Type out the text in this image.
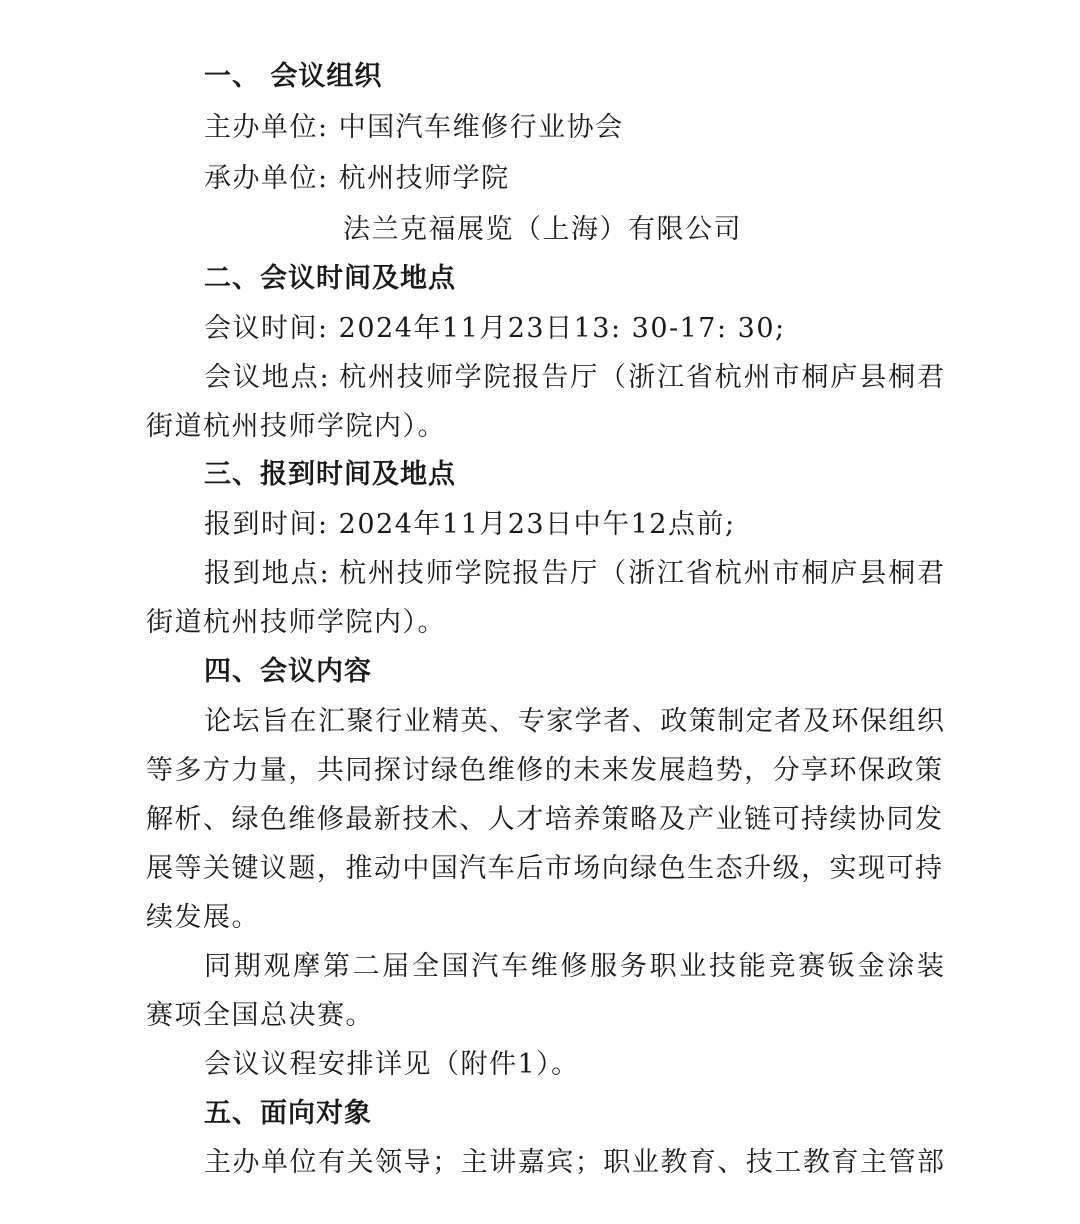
一、 会议组织
主办单位: 中国汽车维修行业协会
承办单位: 杭州技师学院
法兰克福展览（上海）有限公司
二、会议时间及地点
会议时间: 2024年11月23日13: 30-17: 30;
会议地点: 杭州技师学院报告厅（浙江省杭州市桐庐县桐君
街道杭州技师学院内）。
三、报到时间及地点
报到时间: 2024年11月23日中午12点前;
报到地点: 杭州技师学院报告厅（浙江省杭州市桐庐县桐君
街道杭州技师学院内）。
四、会议内容
论坛旨在汇聚行业精英、专家学者、政策制定者及环保组织
等多方力量，共同探讨绿色维修的未来发展趋势，分享环保政策
解析、绿色维修最新技术、人才培养策略及产业链可持续协同发
展等关键议题，推动中国汽车后市场向绿色生态升级，实现可持
续发展。
同期观摩第二届全国汽车维修服务职业技能竞赛钣金涂装
赛项全国总决赛。
会议议程安排详见（附件1）。
五、面向对象
主办单位有关领导；主讲嘉宾；职业教育、技工教育主管部
